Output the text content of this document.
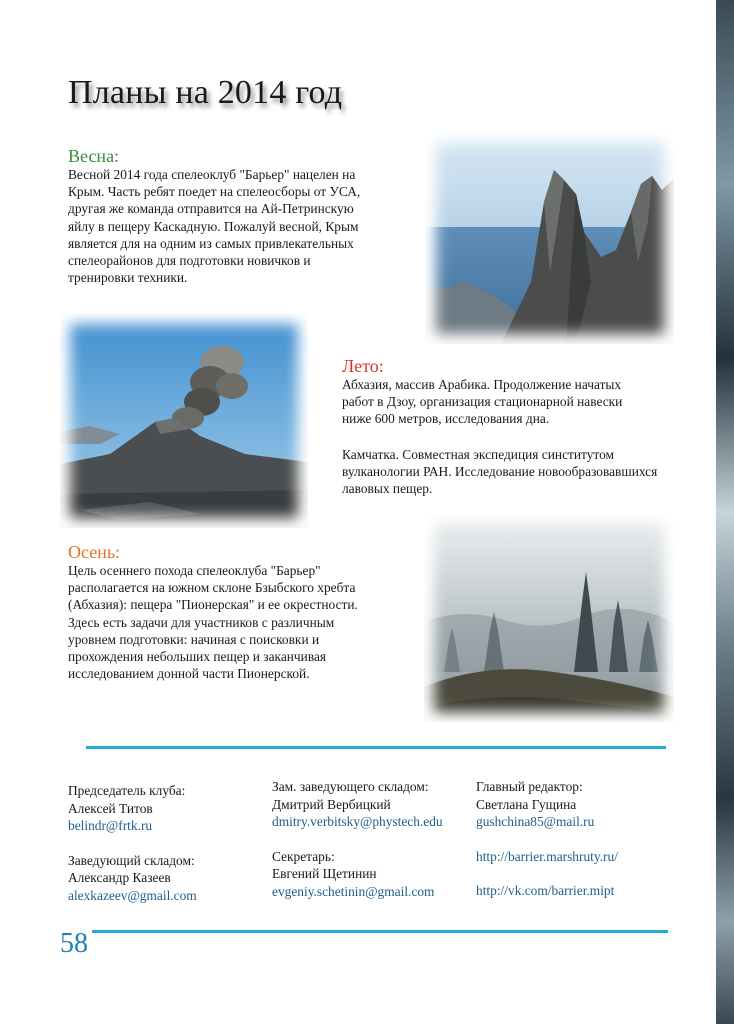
Планы на 2014 год
Весна:
Весной 2014 года спелеоклуб "Барьер" нацелен на
Крым. Часть ребят поедет на спелеосборы от УСА,
другая же команда отправится на Ай-Петринскую
яйлу в пещеру Каскадную. Пожалуй весной, Крым
является для на одним из самых привлекательных
спелеорайонов для подготовки новичков и
тренировки техники.
Лето:
Абхазия, массив Арабика. Продолжение начатых
работ в Дзоу, организация стационарной навески
ниже 600 метров, исследования дна.
Камчатка. Совместная экспедиция синститутом
вулканологии РАН. Исследование новообразовавшихся
лавовых пещер.
Осень:
Цель осеннего похода спелеоклуба "Барьер"
располагается на южном склоне Бзыбского хребта
(Абхазия): пещера "Пионерская" и ее окрестности.
Здесь есть задачи для участников с различным
уровнем подготовки: начиная с поисковки и
прохождения небольших пещер и заканчивая
исследованием донной части Пионерской.
Председатель клуба:
Алексей Титов
belindr@frtk.ru
Заведующий складом:
Александр Казеев
alexkazeev@gmail.com
Зам. заведующего складом:
Дмитрий Вербицкий
dmitry.verbitsky@phystech.edu
Секретарь:
Евгений Щетинин
evgeniy.schetinin@gmail.com
Главный редактор:
Светлана Гущина
gushchina85@mail.ru
http://barrier.marshruty.ru/
http://vk.com/barrier.mipt
58
